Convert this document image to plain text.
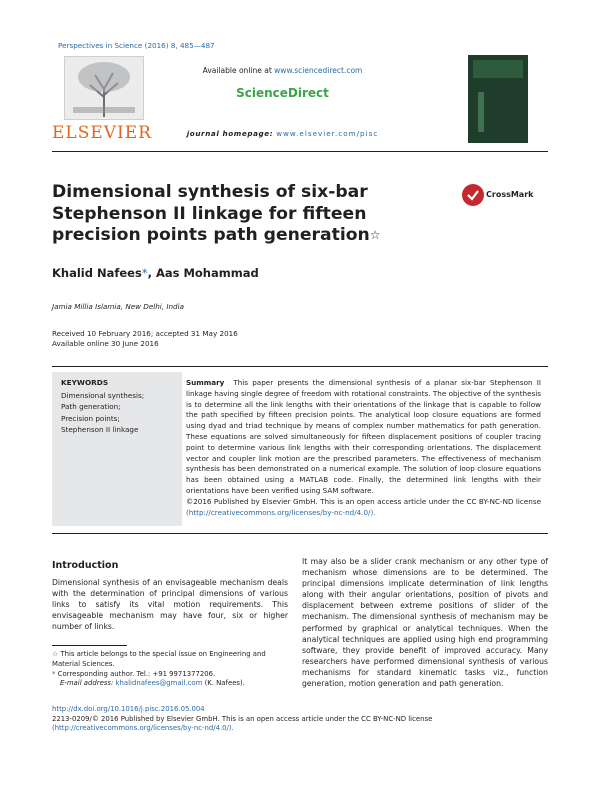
Perspectives in Science (2016) 8, 485—487
ELSEVIER
Available online at www.sciencedirect.com
ScienceDirect
journal homepage: www.elsevier.com/pisc
Dimensional synthesis of six-bar Stephenson II linkage for fifteen precision points path generation☆
CrossMark
Khalid Nafees*, Aas Mohammad
Jamia Millia Islamia, New Delhi, India
Received 10 February 2016; accepted 31 May 2016
Available online 30 June 2016
KEYWORDS
Dimensional synthesis;
Path generation;
Precision points;
Stephenson II linkage
Summary This paper presents the dimensional synthesis of a planar six-bar Stephenson II linkage having single degree of freedom with rotational constraints. The objective of the synthesis is to determine all the link lengths with their orientations of the linkage that is capable to follow the path specified by fifteen precision points. The analytical loop closure equations are formed using dyad and triad technique by means of complex number mathematics for path generation. These equations are solved simultaneously for fifteen displacement positions of coupler tracing point to determine various link lengths with their corresponding orientations. The displacement vector and coupler link motion are the prescribed parameters. The effectiveness of mechanism synthesis has been demonstrated on a numerical example. The solution of loop closure equations has been obtained using a MATLAB code. Finally, the determined link lengths with their orientations have been verified using SAM software.
©2016 Published by Elsevier GmbH. This is an open access article under the CC BY-NC-ND license (http://creativecommons.org/licenses/by-nc-nd/4.0/).
Introduction
Dimensional synthesis of an envisageable mechanism deals with the determination of principal dimensions of various links to satisfy its vital motion requirements. This envisageable mechanism may have four, six or higher number of links.
It may also be a slider crank mechanism or any other type of mechanism whose dimensions are to be determined. The principal dimensions implicate determination of link lengths along with their angular orientations, position of pivots and displacement between extreme positions of slider of the mechanism. The dimensional synthesis of mechanism may be performed by graphical or analytical techniques. When the analytical techniques are applied using high end programming software, they provide benefit of improved accuracy. Many researchers have performed dimensional synthesis of various mechanisms for standard kinematic tasks viz., function generation, motion generation and path generation.
☆ This article belongs to the special issue on Engineering and Material Sciences.
* Corresponding author. Tel.: +91 9971377206.
E-mail address: khalidnafees@gmail.com (K. Nafees).
http://dx.doi.org/10.1016/j.pisc.2016.05.004
2213-0209/© 2016 Published by Elsevier GmbH. This is an open access article under the CC BY-NC-ND license (http://creativecommons.org/licenses/by-nc-nd/4.0/).
